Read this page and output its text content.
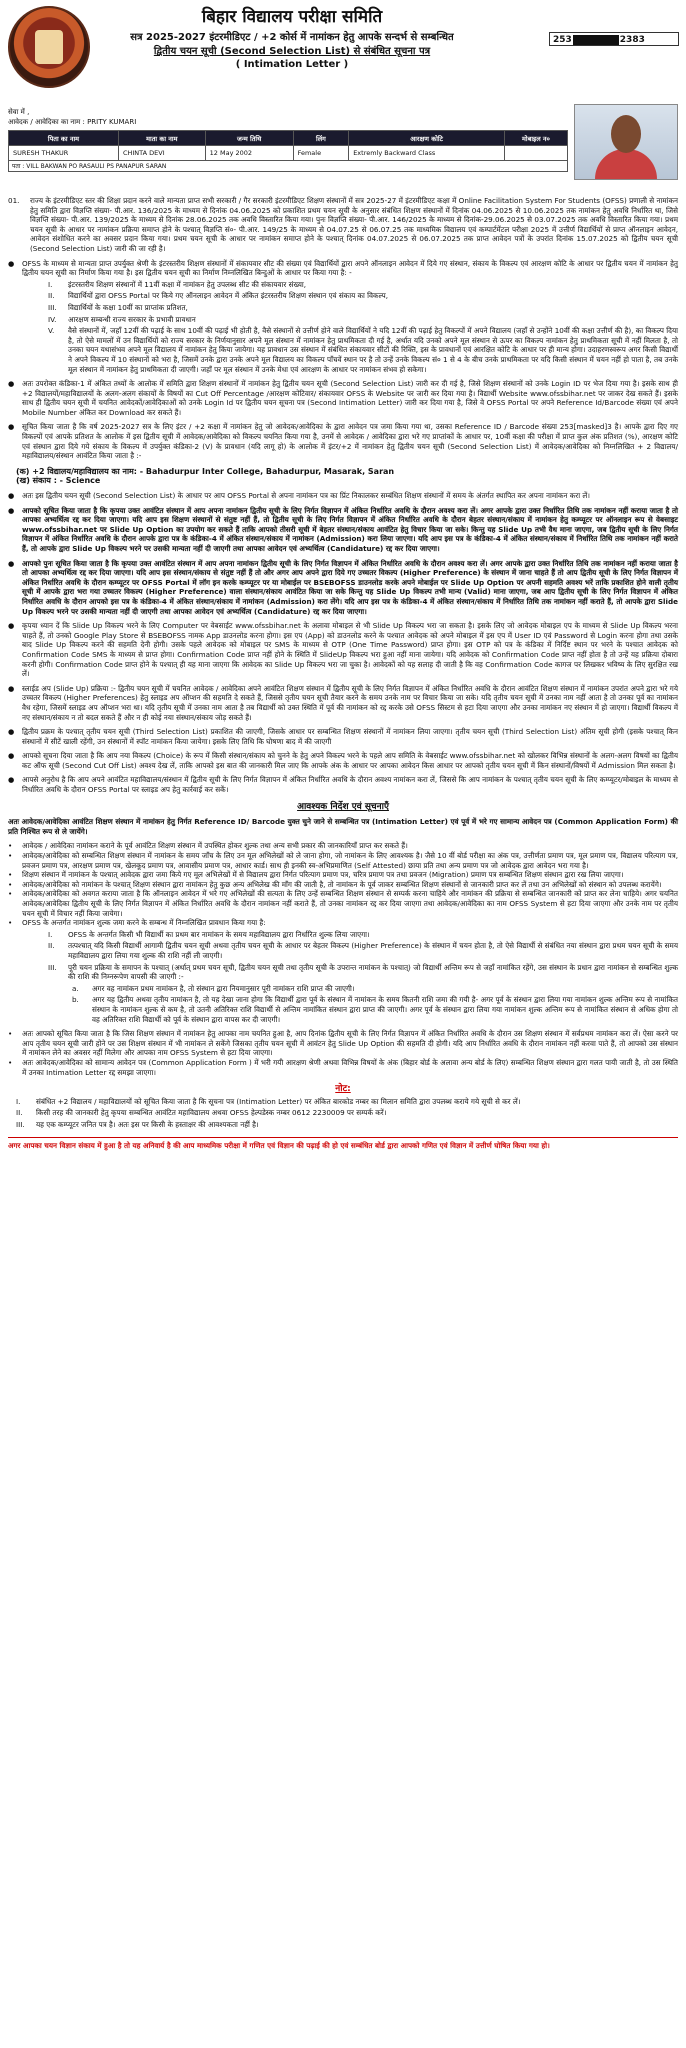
बिहार विद्यालय परीक्षा समिति
सत्र 2025-2027 इंटरमीडिएट / +2 कोर्स में नामांकन हेतु आपके सन्दर्भ से सम्बन्धित
द्वितीय चयन सूची (Second Selection List) से संबंधित सूचना पत्र
( Intimation Letter )
253	2383
सेवा में ,
आवेदक / आवेदिका का नाम : PRITY KUMARI
पिता का नाम	माता का नाम	जन्म तिथि	लिंग	आरक्षण कोटि	मोबाइल न०
SURESH THAKUR	CHINTA DEVI	12 May 2002	Female	Extremly Backward Class	
पता : VILL BAKWAN PO RASAULI PS PANAPUR SARAN
01.	राज्य के इंटरमीडिएट स्तर की शिक्षा प्रदान करने वाले मान्यता प्राप्त सभी सरकारी / गैर सरकारी इंटरमीडिएट शिक्षण संस्थानों में सत्र 2025-27 में इंटरमीडिएट कक्षा में Online Facilitation System For Students (OFSS) प्रणाली से नामांकन हेतु समिति द्वारा विज्ञप्ति संख्या- पी.आर. 136/2025 के माध्यम से दिनांक 04.06.2025 को प्रकाशित प्रथम चयन सूची के अनुसार संबंधित शिक्षण संस्थानों में दिनांक 04.06.2025 से 10.06.2025 तक नामांकन हेतु अवधि निर्धारित था, जिसे विज्ञप्ति संख्या- पी.आर. 139/2025 के माध्यम से दिनांक 28.06.2025 तक अवधि विस्तारित किया गया। पुनः विज्ञप्ति संख्या- पी.आर. 146/2025 के माध्यम से दिनांक-29.06.2025 से 03.07.2025 तक अवधि विस्तारित किया गया। प्रथम चयन सूची के आधार पर नामांकन प्रक्रिया समाप्त होने के पश्चात् विज्ञप्ति सं०- पी.आर. 149/25 के माध्यम से 04.07.25 से 06.07.25 तक माध्यमिक विद्यालय एवं कम्पार्टमेंटल परीक्षा 2025 में उत्तीर्ण विद्यार्थियों से प्राप्त ऑनलाइन आवेदन, आवेदन संशोधित करने का अवसर प्रदान किया गया। प्रथम चयन सूची के आधार पर नामांकन समाप्त होने के पश्चात् दिनांक 04.07.2025 से 06.07.2025 तक प्राप्त आवेदन पत्रों के उपरांत दिनांक 15.07.2025 को द्वितीय चयन सूची (Second Selection List) जारी की जा रही है।

●	OFSS के माध्यम से मान्यता प्राप्त उपर्युक्त श्रेणी के इंटरस्तरीय शिक्षण संस्थानों में संकायवार सीट की संख्या एवं विद्यार्थियों द्वारा अपने ऑनलाइन आवेदन में दिये गए संस्थान, संकाय के विकल्प एवं आरक्षण कोटि के आधार पर द्वितीय चयन में नामांकन हेतु द्वितीय चयन सूची का निर्माण किया गया है। इस द्वितीय चयन सूची का निर्माण निम्नलिखित बिन्दुओं के आधार पर किया गया है: -

I.	इंटरस्तरीय शिक्षण संस्थानों में 11वीं कक्षा में नामांकन हेतु उपलब्ध सीट की संकायवार संख्या,

II.	विद्यार्थियों द्वारा OFSS Portal पर किये गए ऑनलाइन आवेदन में अंकित इंटरस्तरीय शिक्षण संस्थान एवं संकाय का विकल्प,

III.	विद्यार्थियों के कक्षा 10वीं का प्राप्तांक प्रतिशत,

IV.	आरक्षण सम्बन्धी राज्य सरकार के प्रभावी प्रावधान

V.	वैसे संस्थानों में, जहाँ 12वीं की पढ़ाई के साथ 10वीं की पढ़ाई भी होती है, वैसे संस्थानों से उत्तीर्ण होने वाले विद्यार्थियों ने यदि 12वीं की पढ़ाई हेतु विकल्पों में अपने विद्यालय (जहाँ से उन्होंने 10वीं की कक्षा उत्तीर्ण की है), का विकल्प दिया है, तो ऐसे मामलों में उन विद्यार्थियों को राज्य सरकार के निर्णयानुसार अपने मूल संस्थान में नामांकन हेतु प्राथमिकता दी गई है, अर्थात यदि उनको अपने मूल संस्थान से ऊपर का विकल्प नामांकन हेतु प्राथमिकता सूची में नहीं मिलता है, तो उनका चयन यथासंभव अपने मूल विद्यालय में नामांकन हेतु किया जायेगा। यह प्रावधान उस संस्थान में संबंधित संकायवार सीटों की रिक्ति, इस के प्रावधानों एवं आरक्षित कोटि के आधार पर ही मान्य होगा। उदाहरणस्वरूप अगर किसी विद्यार्थी ने अपने विकल्प में 10 संस्थानों को भरा है, जिसमें उनके द्वारा उनके अपने मूल विद्यालय का विकल्प पाँचवें स्थान पर है तो उन्हें उनके विकल्प सं० 1 से 4 के बीच उनके प्राथमिकता पर यदि किसी संस्थान में चयन नहीं हो पाता है, तब उनके मूल संस्थान में नामांकन हेतु प्राथमिकता दी जाएगी। जहाँ पर मूल संस्थान में उनके मेधा एवं आरक्षण के आधार पर नामांकन संभव हो सकेगा।

●	अतः उपरोक्त कंडिका-1 में अंकित तथ्यों के आलोक में समिति द्वारा शिक्षण संस्थानों में नामांकन हेतु द्वितीय चयन सूची (Second Selection List) जारी कर दी गई है, जिसे शिक्षण संस्थानों को उनके Login ID पर भेज दिया गया है। इसके साथ ही +2 विद्यालयों/महाविद्यालयों के अलग-अलग संकायों के विषयों का Cut Off Percentage /आरक्षण कोटिवार/ संकायवार OFSS के Website पर जारी कर दिया गया है। विद्यार्थी Website www.ofssbihar.net पर जाकर देख सकते हैं। इसके साथ ही द्वितीय चयन सूची में चयनित आवेदकों/आवेदिकाओं को उनके Login Id पर द्वितीय चयन सूचना पत्र (Second Intimation Letter) जारी कर दिया गया है, जिसे वे OFSS Portal पर अपने Reference Id/Barcode संख्या एवं अपने Mobile Number अंकित कर Download कर सकते हैं।

●	सूचित किया जाता है कि वर्ष 2025-2027 सत्र के लिए इंटर / +2 कक्षा में नामांकन हेतु जो आवेदक/आवेदिका के द्वारा आवेदन पत्र जमा किया गया था, उसका Reference ID / Barcode संख्या 253[masked]3 है। आपके द्वारा दिए गए विकल्पों एवं आपके प्रतिशत के आलोक में इस द्वितीय सूची में आवेदक/आवेदिका को विकल्प चयनित किया गया है, उनमें से आवेदक / आवेदिका द्वारा भरे गए प्राप्तांकों के आधार पर, 10वीं कक्षा की परीक्षा में प्राप्त कुल अंक प्रतिशत (%), आरक्षण कोटि एवं संस्थान द्वारा दिये गये संकाय के विकल्प में उपर्युक्त कंडिका-2 (V) के प्रावधान (यदि लागू हो) के आलोक में इंटर/+2 में नामांकन हेतु द्वितीय चयन सूची (Second Selection List) में आवेदक/आवेदिका को निम्नलिखित + 2 विद्यालय/महाविद्यालय/संस्थान आवंटित किया जाता है :-

(क) +2 विद्यालय/महाविद्यालय का नाम: - Bahadurpur Inter College, Bahadurpur, Masarak, Saran
(ख) संकाय : - Science
●	अतः इस द्वितीय चयन सूची (Second Selection List) के आधार पर आप OFSS Portal से अपना नामांकन पत्र का प्रिंट निकालकर सम्बंधित शिक्षण संस्थानों में समय के अंतर्गत स्थापित कर अपना नामांकन करा लें।

●	आपको सूचित किया जाता है कि कृपया उक्त आवंटित संस्थान में आप अपना नामांकन द्वितीय सूची के लिए निर्गत विज्ञापन में अंकित निर्धारित अवधि के दौरान अवश्य करा लें। अगर आपके द्वारा उक्त निर्धारित तिथि तक नामांकन नहीं कराया जाता है तो आपका अभ्यर्थित्व रद्द कर दिया जाएगा। यदि आप इस शिक्षण संस्थानों से संतुष्ट नहीं हैं, तो द्वितीय सूची के लिए निर्गत विज्ञापन में अंकित निर्धारित अवधि के दौरान बेहतर संस्थान/संकाय में नामांकन हेतु कम्प्यूटर पर ऑनलाइन रूप से वेबसाइट www.ofssbihar.net पर Slide Up Option का उपयोग कर सकते हैं ताकि आपको तीसरी सूची में बेहतर संस्थान/संकाय आवंटित हेतु विचार किया जा सके। किन्तु यह Slide Up तभी वैध माना जाएगा, जब द्वितीय सूची के लिए निर्गत विज्ञापन में अंकित निर्धारित अवधि के दौरान आपके द्वारा पत्र के कंडिका-4 में अंकित संस्थान/संकाय में नामांकन (Admission) करा लिया जाएगा। यदि आप इस पत्र के कंडिका-4 में अंकित संस्थान/संकाय में निर्धारित तिथि तक नामांकन नहीं कराते हैं, तो आपके द्वारा Slide Up विकल्प भरने पर उसकी मान्यता नहीं दी जाएगी तथा आपका आवेदन एवं अभ्यर्थित्व (Candidature) रद्द कर दिया जाएगा।

●	आपको पुनः सूचित किया जाता है कि कृपया उक्त आवंटित संस्थान में आप अपना नामांकन द्वितीय सूची के लिए निर्गत विज्ञापन में अंकित निर्धारित अवधि के दौरान अवश्य करा लें। अगर आपके द्वारा उक्त निर्धारित तिथि तक नामांकन नहीं कराया जाता है तो आपका अभ्यर्थित्व रद्द कर दिया जाएगा। यदि आप इस संस्थान/संकाय से संतुष्ट नहीं हैं तो और अगर आप अपने द्वारा दिये गए उच्चतर विकल्प (Higher Preference) के संस्थान में जाना चाहते हैं तो आप द्वितीय सूची के लिए निर्गत विज्ञापन में अंकित निर्धारित अवधि के दौरान कम्प्यूटर पर OFSS Portal में लॉग इन करके कम्प्यूटर पर या मोबाईल पर BSEBOFSS डाउनलोड करके अपने मोबाईल पर Slide Up Option पर अपनी सहमति अवश्य भरें ताकि प्रकाशित होने वाली तृतीय सूची में आपके द्वारा भरा गया उच्चतर विकल्प (Higher Preference) वाला संस्थान/संकाय आवंटित किया जा सके किन्तु यह Slide Up विकल्प तभी मान्य (Valid) माना जाएगा, जब आप द्वितीय सूची के लिए निर्गत विज्ञापन में अंकित निर्धारित अवधि के दौरान आपको इस पत्र के कंडिका-4 में अंकित संस्थान/संकाय में नामांकन (Admission) करा लेंगे। यदि आप इस पत्र के कंडिका-4 में अंकित संस्थान/संकाय में निर्धारित तिथि तक नामांकन नहीं कराते हैं, तो आपके द्वारा Slide Up विकल्प भरने पर उसकी मान्यता नहीं दी जाएगी तथा आपका आवेदन एवं अभ्यर्थित्व (Candidature) रद्द कर दिया जाएगा।

●	कृपया ध्यान दें कि Slide Up विकल्प भरने के लिए Computer पर वेबसाईट www.ofssbihar.net के अलावा मोबाइल से भी Slide Up विकल्प भरा जा सकता है। इसके लिए जो आवेदक मोबाइल एप के माध्यम से Slide Up विकल्प भरना चाहते हैं, तो उनको Google Play Store से BSEBOFSS नामक App डाउनलोड करना होगा। इस एप (App) को डाउनलोड करने के पश्चात आवेदक को अपने मोबाइल में इस एप में User ID एवं Password से Login करना होगा तथा उसके बाद Slide Up विकल्प करने की सहमति देनी होगी। उसके पहले आवेदक को मोबाइल पर SMS के माध्यम से OTP (One Time Password) प्राप्त होगा। इस OTP को पत्र के कंडिका में निर्दिष्ट स्थान पर भरने के पश्चात आवेदक को Confirmation Code SMS के माध्यम से प्राप्त होगा। Confirmation Code प्राप्त नहीं होने के स्थिति में SlideUp विकल्प भरा हुआ नहीं माना जायेगा। यदि आवेदक को Confirmation Code प्राप्त नहीं होता है तो उन्हें यह प्रक्रिया दोबारा करनी होगी। Confirmation Code प्राप्त होने के पश्चात् ही यह माना जाएगा कि आवेदक का Slide Up विकल्प भरा जा चुका है। आवेदकों को यह सलाह दी जाती है कि वह Confirmation Code कागज पर लिखकर भविष्य के लिए सुरक्षित रख लें।

●	स्लाईड अप (Slide Up) प्रक्रिया :- द्वितीय चयन सूची में चयनित आवेदक / आवेदिका अपने आवंटित शिक्षण संस्थान में द्वितीय सूची के लिए निर्गत विज्ञापन में अंकित निर्धारित अवधि के दौरान आवंटित शिक्षण संस्थान में नामांकन उपरांत अपने द्वारा भरे गये उच्चतर विकल्प (Higher Preferences) हेतु स्लाइड अप ऑप्शन की सहमति दे सकते हैं, जिससे तृतीय चयन सूची तैयार करने के समय उनके नाम पर विचार किया जा सके। यदि तृतीय चयन सूची में उनका नाम नहीं आता है तो उनका पूर्व का नामांकन वैध रहेगा, जिसमें स्लाइड अप ऑप्शन भरा था। यदि तृतीय सूची में उनका नाम आता है तब विद्यार्थी को उक्त स्थिति में पूर्व की नामांकन को रद्द करके उसे OFSS सिस्टम से हटा दिया जाएगा और उनका नामांकन नए संस्थान में हो जाएगा। विद्यार्थी विकल्प में नए संस्थान/संकाय न तो बदल सकते हैं और न ही कोई नया संस्थान/संकाय जोड़ सकते हैं।

●	द्वितीय प्रक्रम के पश्चात् तृतीय चयन सूची (Third Selection List) प्रकाशित की जाएगी, जिसके आधार पर सम्बन्धित शिक्षण संस्थानों में नामांकन लिया जाएगा। तृतीय चयन सूची (Third Selection List) अंतिम सूची होगी (इसके पश्चात् किन संस्थानों में सीटें खाली रहेंगी, उन संस्थानों में स्पॉट नामांकन किया जायेगा। इसके लिए तिथि कि घोषणा बाद में की जाएगी

●	आपको सूचना दिया जाता है कि आप नया विकल्प (Choice) के रूप में किसी संस्थान/संकाय को चुनने के हेतु अपने विकल्प भरने के पहले आप समिति के वेबसाईट www.ofssbihar.net को खोलकर विभिन्न संस्थानों के अलग-अलग विषयों का द्वितीय कट ऑफ सूची (Second Cut Off List) अवश्य देख लें, ताकि आपको इस बात की जानकारी मिल जाए कि आपके अंक के आधार पर आपका आवेदन किस आधार पर आपको तृतीय चयन सूची में किन संस्थानों/विषयों में Admission मिल सकता है।

●	आपसे अनुरोध है कि आप अपने आवंटित महाविद्यालय/संस्थान में द्वितीय सूची के लिए निर्गत विज्ञापन में अंकित निर्धारित अवधि के दौरान अवश्य नामांकन करा लें, जिससे कि आप नामांकन के पश्चात् तृतीय चयन सूची के लिए कम्प्यूटर/मोबाइल के माध्यम से निर्धारित अवधि के दौरान OFSS Portal पर स्लाइड अप हेतु कार्रवाई कर सकें।

आवश्यक निर्देश एवं सूचनाएँ

अतः आवेदक/आवेदिका आवंटित शिक्षण संस्थान में नामांकन हेतु निर्गत Reference ID/ Barcode युक्त चुने जाने से सम्बन्धित पत्र (Intimation Letter) एवं पूर्व में भरे गए सामान्य आवेदन पत्र (Common Application Form) की प्रति निश्चित रूप से ले जायेंगे।

•	आवेदक / आवेदिका नामांकन कराने के पूर्व आवंटित शिक्षण संस्थान में उपस्थित होकर शुल्क तथा अन्य सभी प्रकार की जानकारियाँ प्राप्त कर सकते हैं।

•	आवेदक/आवेदिका को सम्बन्धित शिक्षण संस्थान में नामांकन के समय जाँच के लिए उन मूल अभिलेखों को ले जाना होगा, जो नामांकन के लिए आवश्यक है। जैसे 10 वीं बोर्ड परीक्षा का अंक पत्र, उत्तीर्णता प्रमाण पत्र, मूल प्रमाण पत्र, विद्यालय परित्याग पत्र, प्रवजन प्रमाण पत्र, आरक्षण प्रमाण पत्र, खेलकूद प्रमाण पत्र, आवासीय प्रमाण पत्र, आधार कार्ड। साथ ही इनकी स्व-अभिप्रमाणित (Self Attested) छाया प्रति तथा अन्य प्रमाण पत्र जो आवेदक द्वारा आवेदन भरा गया है।

•	शिक्षण संस्थान में नामांकन के पश्चात् आवेदक द्वारा जमा किये गए मूल अभिलेखों में से विद्यालय द्वारा निर्गत परित्याग प्रमाण पत्र, चरित्र प्रमाण पत्र तथा प्रवजन (Migration) प्रमाण पत्र सम्बन्धित शिक्षण संस्थान द्वारा रख लिया जाएगा।

•	आवेदक/आवेदिका को नामांकन के पश्चात् शिक्षण संस्थान द्वारा नामांकन हेतु कुछ अन्य अभिलेख की माँग की जाती है, तो नामांकन के पूर्व जाकर सम्बन्धित शिक्षण संस्थानों से जानकारी प्राप्त कर लें तथा उन अभिलेखों को संस्थान को उपलब्ध करायेंगे।

•	आवेदक/आवेदिका को अवगत कराया जाता है कि ऑनलाइन आवेदन में भरे गए अभिलेखों की सत्यता के लिए उन्हें सम्बन्धित शिक्षण संस्थान से सम्पर्क करना चाहिये और नामांकन की प्रक्रिया से सम्बन्धित जानकारी को प्राप्त कर लेना चाहिये। अगर चयनित आवेदक/आवेदिका द्वितीय सूची के लिए निर्गत विज्ञापन में अंकित निर्धारित अवधि के दौरान नामांकन नहीं कराते हैं, तो उनका नामांकन रद्द कर दिया जाएगा तथा आवेदक/आवेदिका का नाम OFSS System से हटा दिया जाएगा और उनके नाम पर तृतीय चयन सूची में विचार नहीं किया जायेगा।

•	OFSS के अन्तर्गत नामांकन शुल्क जमा करने के सम्बन्ध में निम्नलिखित प्रावधान किया गया है:

I.	OFSS के अन्तर्गत किसी भी विद्यार्थी का प्रथम बार नामांकन के समय महाविद्यालय द्वारा निर्धारित शुल्क लिया जाएगा।

II.	तत्पश्चात् यदि किसी विद्यार्थी आगामी द्वितीय चयन सूची अथवा तृतीय चयन सूची के आधार पर बेहतर विकल्प (Higher Preference) के संस्थान में चयन होता है, तो ऐसे विद्यार्थी से संबंधित नया संस्थान द्वारा प्रथम चयन सूची के समय महाविद्यालय द्वारा लिया गया शुल्क की राशि नहीं ली जाएगी।

III.	पूरी चयन प्रक्रिया के समापन के पश्चात् (अर्थात् प्रथम चयन सूची, द्वितीय चयन सूची तथा तृतीय सूची के उपरान्त नामांकन के पश्चात्) जो विद्यार्थी अन्तिम रूप से जहाँ नामांकित रहेंगे, उस संस्थान के प्रधान द्वारा नामांकन से सम्बन्धित शुल्क की राशि की निम्नरूपेण वापसी की जाएगी :-

a.	अगर वह नामांकन प्रथम नामांकन है, तो संस्थान द्वारा नियमानुसार पूरी नामांकन राशि प्राप्त की जाएगी।

b.	अगर यह द्वितीय अथवा तृतीय नामांकन है, तो यह देखा जाना होगा कि विद्यार्थी द्वारा पूर्व के संस्थान में नामांकन के समय कितनी राशि जमा की गयी है- अगर पूर्व के संस्थान द्वारा लिया गया नामांकन शुल्क अन्तिम रूप से नामांकित संस्थान के नामांकन शुल्क से कम है, तो उतनी अतिरिक्त राशि विद्यार्थी से अन्तिम नामांकित संस्थान द्वारा प्राप्त की जाएगी। अगर पूर्व के संस्थान द्वारा लिया गया नामांकन शुल्क अन्तिम रूप से नामांकित संस्थान से अधिक होगा तो वह अतिरिक्त राशि विद्यार्थी को पूर्व के संस्थान द्वारा वापस कर दी जाएगी।

•	अतः आपको सूचित किया जाता है कि जिस शिक्षण संस्थान में नामांकन हेतु आपका नाम चयनित हुआ है, आप दिनांक द्वितीय सूची के लिए निर्गत विज्ञापन में अंकित निर्धारित अवधि के दौरान उस शिक्षण संस्थान में सर्वप्रथम नामांकन करा लें। ऐसा करने पर आप तृतीय चयन सूची जारी होने पर उस शिक्षण संस्थान में भी नामांकन ले सकेंगे जिसका तृतीय चयन सूची में आवंटन हेतु Slide Up Option की सहमति दी होगी। यदि आप निर्धारित अवधि के दौरान नामांकन नहीं करवा पाते हैं, तो आपको उस संस्थान में नामांकन लेने का अवसर नहीं मिलेगा और आपका नाम OFSS System से हटा दिया जाएगा।

•	अतः आवेदक/आवेदिका को सामान्य आवेदन पत्र (Common Application Form ) में भरी गयी आरक्षण श्रेणी अथवा विभिन्न विषयों के अंक (बिहार बोर्ड के अलावा अन्य बोर्ड के लिए) सम्बन्धित शिक्षण संस्थान द्वारा गलत पायी जाती है, तो उस स्थिति में उनका Intimation Letter रद्द समझा जाएगा।

नोट:
I.	संबंधित +2 विद्यालय / महाविद्यालयों को सूचित किया जाता है कि सूचना पत्र (Intimation Letter) पर अंकित बारकोड नम्बर का मिलान समिति द्वारा उपलब्ध कराये गये सूची से कर लें।

II.	किसी तरह की जानकारी हेतु कृपया सम्बन्धित आवंटित महाविद्यालय अथवा OFSS हेल्पडेस्क नम्बर 0612 2230009 पर सम्पर्क करें।

III.	यह एक कम्प्यूटर जनित पत्र है। अतः इस पर किसी के हस्ताक्षर की आवश्यकता नहीं है।

अगर आपका चयन विज्ञान संकाय में हुआ है तो यह अनिवार्य है की आप माध्यमिक परीक्षा में गणित एवं विज्ञान की पढ़ाई की हो एवं सम्बंधित बोर्ड द्वारा आपको गणित एवं विज्ञान में उत्तीर्ण घोषित किया गया हो।
